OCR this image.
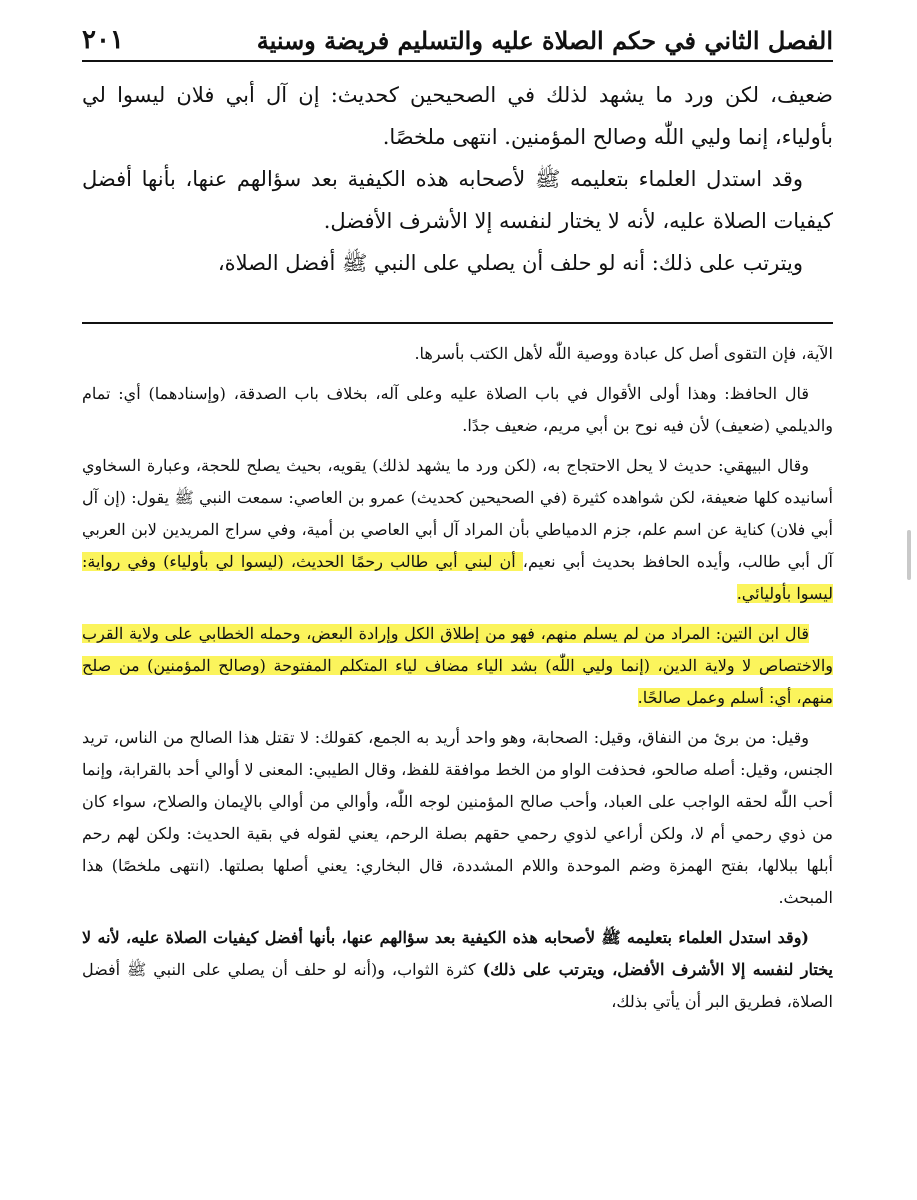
الفصل الثاني في حكم الصلاة عليه والتسليم فريضة وسنية
٢٠١

ضعيف، لكن ورد ما يشهد لذلك في الصحيحين كحديث: إن آل أبي فلان ليسوا لي بأولياء، إنما وليي اللّٰه وصالح المؤمنين. انتهى ملخصًا.

وقد استدل العلماء بتعليمه ﷺ لأصحابه هذه الكيفية بعد سؤالهم عنها، بأنها أفضل كيفيات الصلاة عليه، لأنه لا يختار لنفسه إلا الأشرف الأفضل.

ويترتب على ذلك: أنه لو حلف أن يصلي على النبي ﷺ أفضل الصلاة،

الآية، فإن التقوى أصل كل عبادة ووصية اللّٰه لأهل الكتب بأسرها.

قال الحافظ: وهذا أولى الأقوال في باب الصلاة عليه وعلى آله، بخلاف باب الصدقة، (وإسنادهما) أي: تمام والديلمي (ضعيف) لأن فيه نوح بن أبي مريم، ضعيف جدًا.

وقال البيهقي: حديث لا يحل الاحتجاج به، (لكن ورد ما يشهد لذلك) يقويه، بحيث يصلح للحجة، وعبارة السخاوي أسانيده كلها ضعيفة، لكن شواهده كثيرة (في الصحيحين كحديث) عمرو بن العاصي: سمعت النبي ﷺ يقول: (إن آل أبي فلان) كناية عن اسم علم، جزم الدمياطي بأن المراد آل أبي العاصي بن أمية، وفي سراج المريدين لابن العربي آل أبي طالب، وأيده الحافظ بحديث أبي نعيم، أن لبني أبي طالب رحمًا الحديث، (ليسوا لي بأولياء) وفي رواية: ليسوا بأوليائي.

قال ابن التين: المراد من لم يسلم منهم، فهو من إطلاق الكل وإرادة البعض، وحمله الخطابي على ولاية القرب والاختصاص لا ولاية الدين، (إنما وليي اللّٰه) بشد الياء مضاف لياء المتكلم المفتوحة (وصالح المؤمنين) من صلح منهم، أي: أسلم وعمل صالحًا.

وقيل: من برئ من النفاق، وقيل: الصحابة، وهو واحد أريد به الجمع، كقولك: لا تقتل هذا الصالح من الناس، تريد الجنس، وقيل: أصله صالحو، فحذفت الواو من الخط موافقة للفظ، وقال الطيبي: المعنى لا أوالي أحد بالقرابة، وإنما أحب اللّٰه لحقه الواجب على العباد، وأحب صالح المؤمنين لوجه اللّٰه، وأوالي من أوالي بالإيمان والصلاح، سواء كان من ذوي رحمي أم لا، ولكن أراعي لذوي رحمي حقهم بصلة الرحم، يعني لقوله في بقية الحديث: ولكن لهم رحم أبلها ببلالها، بفتح الهمزة وضم الموحدة واللام المشددة، قال البخاري: يعني أصلها بصلتها. (انتهى ملخصًا) هذا المبحث.

(وقد استدل العلماء بتعليمه ﷺ لأصحابه هذه الكيفية بعد سؤالهم عنها، بأنها أفضل كيفيات الصلاة عليه، لأنه لا يختار لنفسه إلا الأشرف الأفضل، ويترتب على ذلك) كثرة الثواب، و(أنه لو حلف أن يصلي على النبي ﷺ أفضل الصلاة، فطريق البر أن يأتي بذلك،
